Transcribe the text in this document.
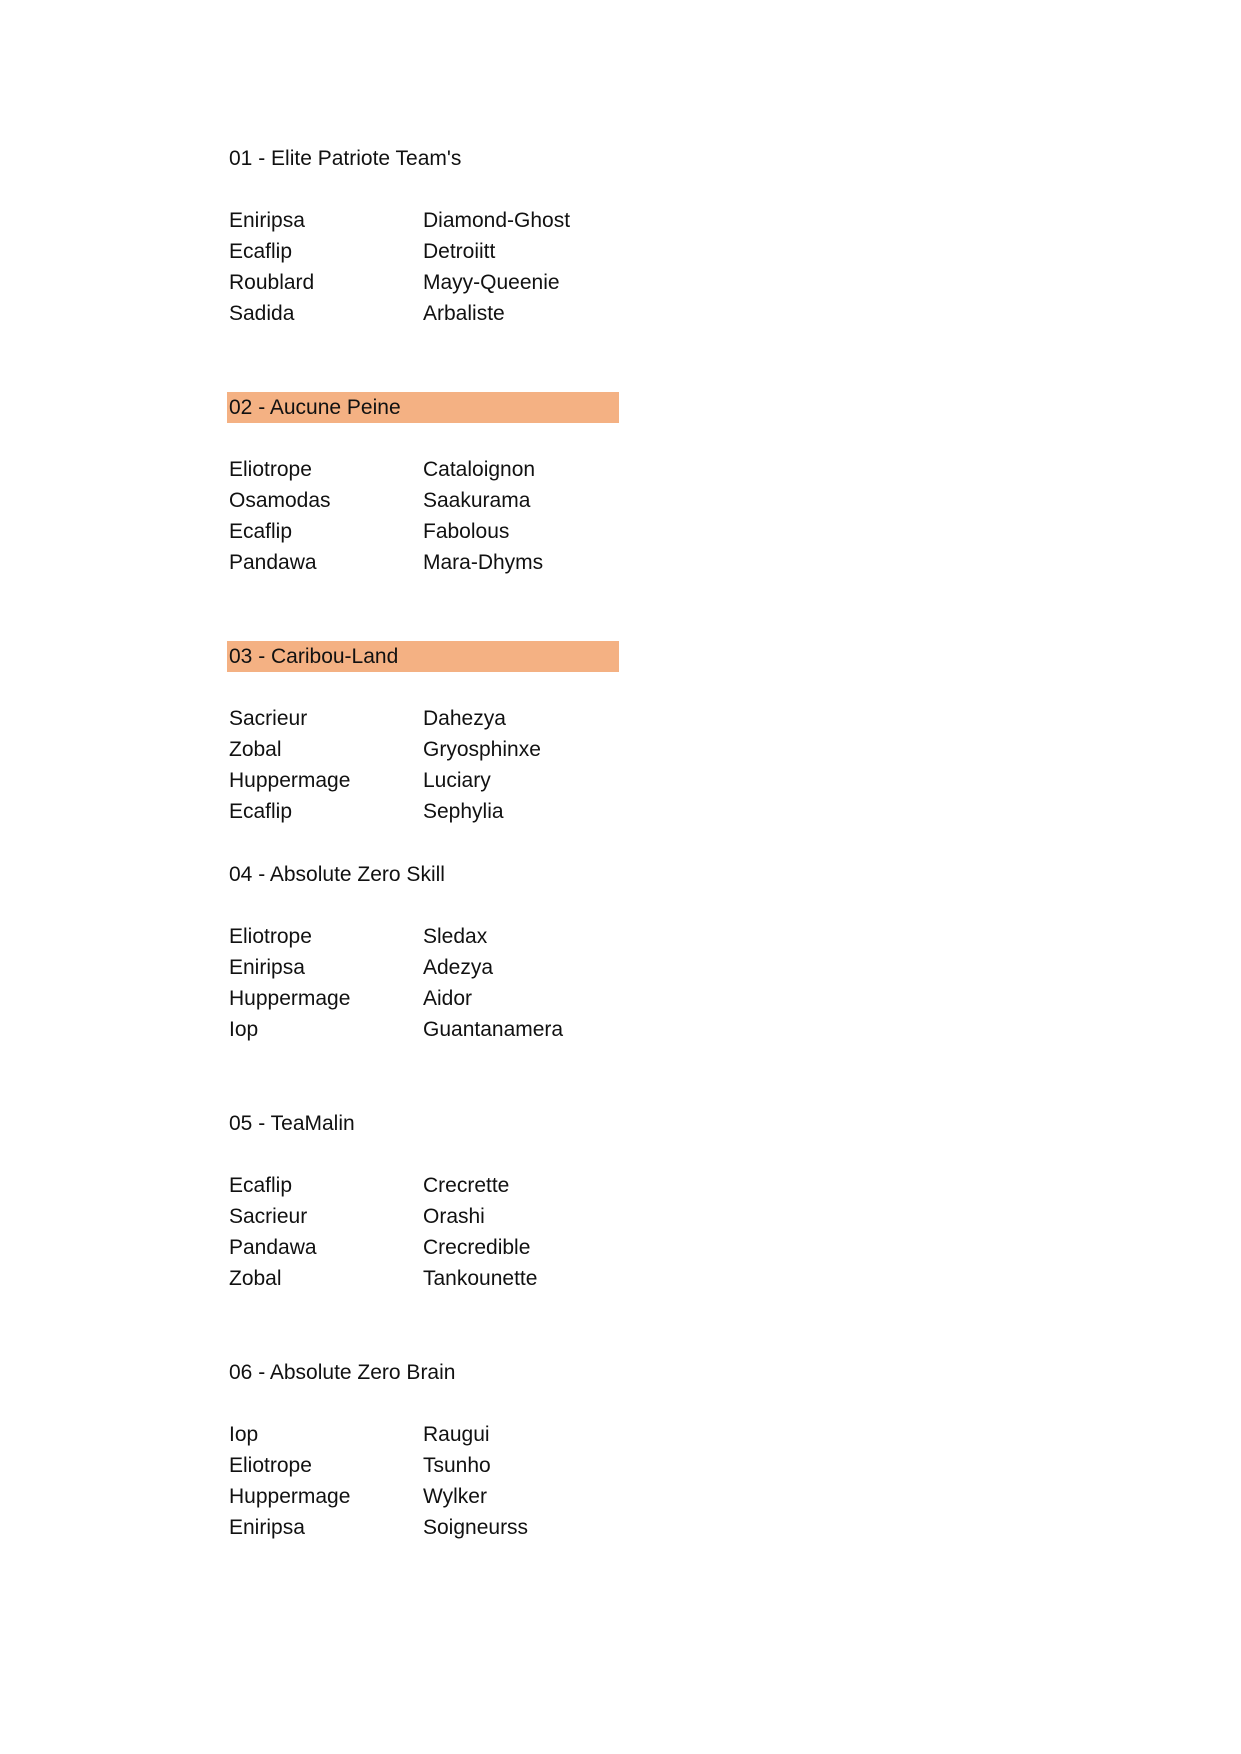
01 - Elite Patriote Team's
Eniripsa	Diamond-Ghost
Ecaflip	Detroiitt
Roublard	Mayy-Queenie
Sadida	Arbaliste
02 - Aucune Peine
Eliotrope	Cataloignon
Osamodas	Saakurama
Ecaflip	Fabolous
Pandawa	Mara-Dhyms
03 - Caribou-Land
Sacrieur	Dahezya
Zobal	Gryosphinxe
Huppermage	Luciary
Ecaflip	Sephylia
04 - Absolute Zero Skill
Eliotrope	Sledax
Eniripsa	Adezya
Huppermage	Aidor
Iop	Guantanamera
05 - TeaMalin
Ecaflip	Crecrette
Sacrieur	Orashi
Pandawa	Crecredible
Zobal	Tankounette
06 - Absolute Zero Brain
Iop	Raugui
Eliotrope	Tsunho
Huppermage	Wylker
Eniripsa	Soigneurss
